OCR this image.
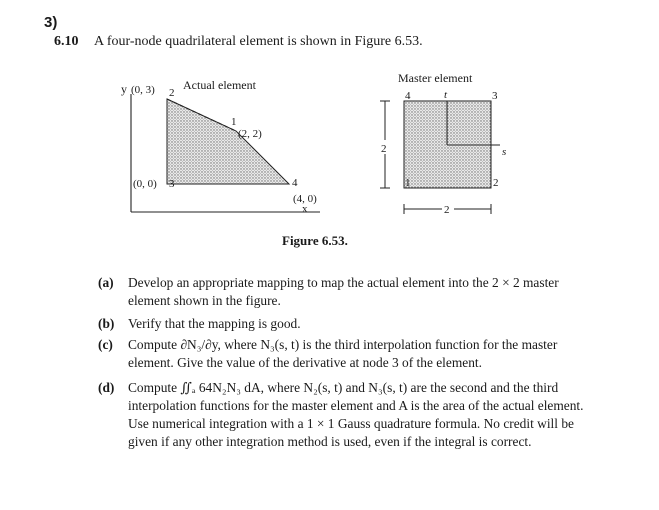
3)
6.10 A four-node quadrilateral element is shown in Figure 6.53.
y (0, 3) 2
Actual element
1
(2, 2)
(0, 0) 3	4
(4, 0)
x
Master element
4	t	3
s
1	2
2
2
Figure 6.53.
(a) Develop an appropriate mapping to map the actual element into the 2 × 2 master element shown in the figure.
(b) Verify that the mapping is good.
(c) Compute ∂N₃/∂y, where N₃(s, t) is the third interpolation function for the master element. Give the value of the derivative at node 3 of the element.
(d) Compute ∬ₐ 64N₂N₃ dA, where N₂(s, t) and N₃(s, t) are the second and the third interpolation functions for the master element and A is the area of the actual element. Use numerical integration with a 1 × 1 Gauss quadrature formula. No credit will be given if any other integration method is used, even if the integral is correct.
